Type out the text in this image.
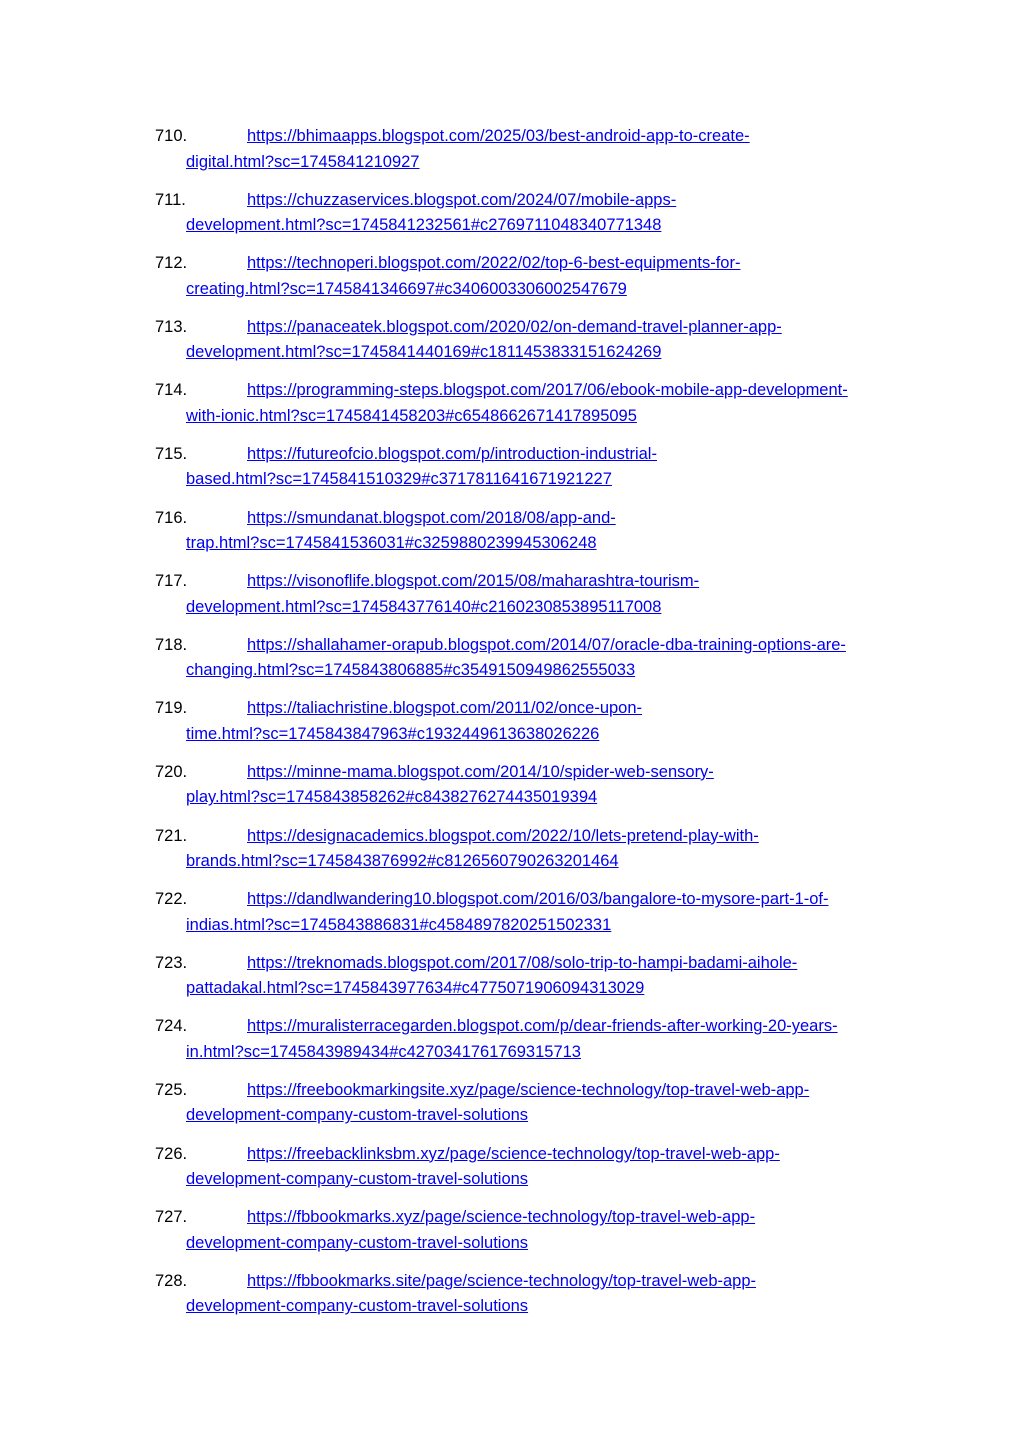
710.	https://bhimaapps.blogspot.com/2025/03/best-android-app-to-create-
digital.html?sc=1745841210927
711.	https://chuzzaservices.blogspot.com/2024/07/mobile-apps-
development.html?sc=1745841232561#c2769711048340771348
712.	https://technoperi.blogspot.com/2022/02/top-6-best-equipments-for-
creating.html?sc=1745841346697#c3406003306002547679
713.	https://panaceatek.blogspot.com/2020/02/on-demand-travel-planner-app-
development.html?sc=1745841440169#c1811453833151624269
714.	https://programming-steps.blogspot.com/2017/06/ebook-mobile-app-development-
with-ionic.html?sc=1745841458203#c6548662671417895095
715.	https://futureofcio.blogspot.com/p/introduction-industrial-
based.html?sc=1745841510329#c3717811641671921227
716.	https://smundanat.blogspot.com/2018/08/app-and-
trap.html?sc=1745841536031#c3259880239945306248
717.	https://visonoflife.blogspot.com/2015/08/maharashtra-tourism-
development.html?sc=1745843776140#c2160230853895117008
718.	https://shallahamer-orapub.blogspot.com/2014/07/oracle-dba-training-options-are-
changing.html?sc=1745843806885#c3549150949862555033
719.	https://taliachristine.blogspot.com/2011/02/once-upon-
time.html?sc=1745843847963#c1932449613638026226
720.	https://minne-mama.blogspot.com/2014/10/spider-web-sensory-
play.html?sc=1745843858262#c8438276274435019394
721.	https://designacademics.blogspot.com/2022/10/lets-pretend-play-with-
brands.html?sc=1745843876992#c8126560790263201464
722.	https://dandlwandering10.blogspot.com/2016/03/bangalore-to-mysore-part-1-of-
indias.html?sc=1745843886831#c4584897820251502331
723.	https://treknomads.blogspot.com/2017/08/solo-trip-to-hampi-badami-aihole-
pattadakal.html?sc=1745843977634#c4775071906094313029
724.	https://muralisterracegarden.blogspot.com/p/dear-friends-after-working-20-years-
in.html?sc=1745843989434#c4270341761769315713
725.	https://freebookmarkingsite.xyz/page/science-technology/top-travel-web-app-
development-company-custom-travel-solutions
726.	https://freebacklinksbm.xyz/page/science-technology/top-travel-web-app-
development-company-custom-travel-solutions
727.	https://fbbookmarks.xyz/page/science-technology/top-travel-web-app-
development-company-custom-travel-solutions
728.	https://fbbookmarks.site/page/science-technology/top-travel-web-app-
development-company-custom-travel-solutions
